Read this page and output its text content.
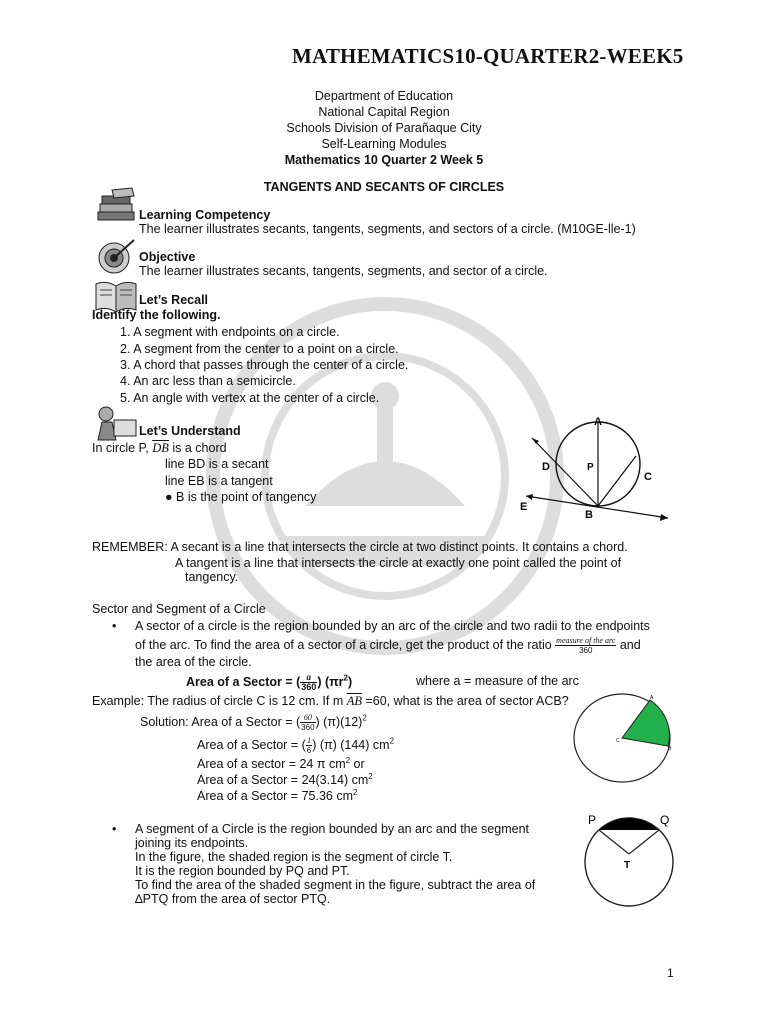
MATHEMATICS10-QUARTER2-WEEK5
Department of Education
National Capital Region
Schools Division of Parañaque City
Self-Learning Modules
Mathematics 10 Quarter 2 Week 5
TANGENTS AND SECANTS OF CIRCLES
Learning Competency
The learner illustrates secants, tangents, segments, and sectors of a circle. (M10GE-lle-1)
Objective
The learner illustrates secants, tangents, segments, and sector of a circle.
Let’s Recall
Identify the following.
1. A segment with endpoints on a circle.
2. A segment from the center to a point on a circle.
3. A chord that passes through the center of a circle.
4. An arc less than a semicircle.
5. An angle with vertex at the center of a circle.
Let’s Understand
In circle P, $\overline{DB}$ is a chord
line BD is a secant
line EB is a tangent
● B is the point of tangency
A
D	P
C
E
B
REMEMBER: A secant is a line that intersects the circle at two distinct points. It contains a chord.
A tangent is a line that intersects the circle at exactly one point called the point of
tangency.
Sector and Segment of a Circle
• A sector of a circle is the region bounded by an arc of the circle and two radii to the endpoints
of the arc. To find the area of a sector of a circle, get the product of the ratio $\frac{\text{measure of the arc}}{360}$ and
the area of the circle.
Area of a Sector = ( $\frac{a}{360}$ ) $(\pi r^2)$	where a = measure of the arc
Example: The radius of circle C is 12 cm. If m $\overline{AB} =60$, what is the area of sector ACB?
Solution: Area of a Sector = ( $\frac{60}{360}$ ) $(\pi)(12)^2$
Area of a Sector = ( $\frac{1}{6}$ ) (π) (144) $cm^2$
Area of a sector = 24 π $cm^2$ or
Area of a Sector = 24(3.14) $cm^2$
Area of a Sector = 75.36 $cm^2$
A
C
B
• A segment of a Circle is the region bounded by an arc and the segment
joining its endpoints.
In the figure, the shaded region is the segment of circle T.
It is the region bounded by PQ and PT.
To find the area of the shaded segment in the figure, subtract the area of
∆PTQ from the area of sector PTQ.
P	Q
T
1
